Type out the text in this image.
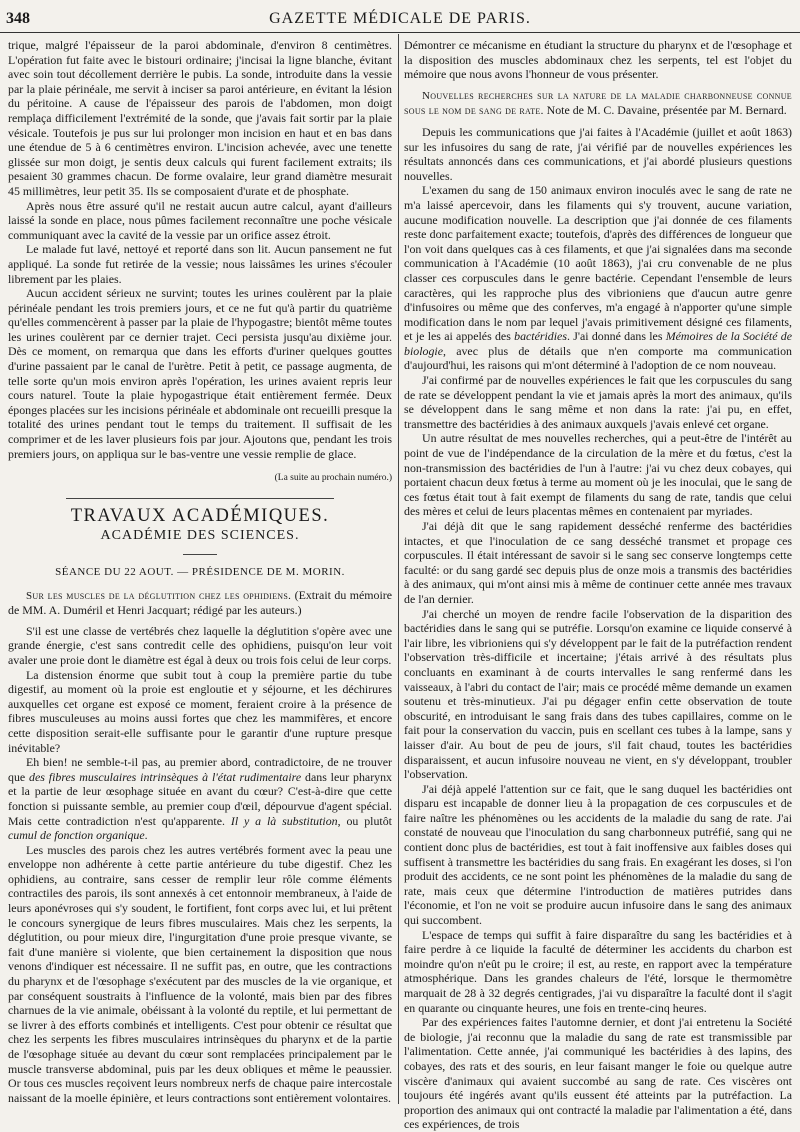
348	GAZETTE MÉDICALE DE PARIS.

trique, malgré l'épaisseur de la paroi abdominale, d'environ 8 centimètres. L'opération fut faite avec le bistouri ordinaire; j'incisai la ligne blanche, évitant avec soin tout décollement derrière le pubis. La sonde, introduite dans la vessie par la plaie périnéale, me servit à inciser sa paroi antérieure, en évitant la lésion du péritoine. A cause de l'épaisseur des parois de l'abdomen, mon doigt remplaça difficilement l'extrémité de la sonde, que j'avais fait sortir par la plaie vésicale. Toutefois je pus sur lui prolonger mon incision en haut et en bas dans une étendue de 5 à 6 centimètres environ. L'incision achevée, avec une tenette glissée sur mon doigt, je sentis deux calculs qui furent facilement extraits; ils pesaient 30 grammes chacun. De forme ovalaire, leur grand diamètre mesurait 45 millimètres, leur petit 35. Ils se composaient d'urate et de phosphate.

Après nous être assuré qu'il ne restait aucun autre calcul, ayant d'ailleurs laissé la sonde en place, nous pûmes facilement reconnaître une poche vésicale communiquant avec la cavité de la vessie par un orifice assez étroit.

Le malade fut lavé, nettoyé et reporté dans son lit. Aucun pansement ne fut appliqué. La sonde fut retirée de la vessie; nous laissâmes les urines s'écouler librement par les plaies.

Aucun accident sérieux ne survint; toutes les urines coulèrent par la plaie périnéale pendant les trois premiers jours, et ce ne fut qu'à partir du quatrième qu'elles commencèrent à passer par la plaie de l'hypogastre; bientôt même toutes les urines coulèrent par ce dernier trajet. Ceci persista jusqu'au dixième jour. Dès ce moment, on remarqua que dans les efforts d'uriner quelques gouttes d'urine passaient par le canal de l'urètre. Petit à petit, ce passage augmenta, de telle sorte qu'un mois environ après l'opération, les urines avaient repris leur cours naturel. Toute la plaie hypogastrique était entièrement fermée. Deux éponges placées sur les incisions périnéale et abdominale ont recueilli presque la totalité des urines pendant tout le temps du traitement. Il suffisait de les comprimer et de les laver plusieurs fois par jour. Ajoutons que, pendant les trois premiers jours, on appliqua sur le bas-ventre une vessie remplie de glace.

(La suite au prochain numéro.)
TRAVAUX ACADÉMIQUES.
ACADÉMIE DES SCIENCES.
SÉANCE DU 22 AOUT. — PRÉSIDENCE DE M. MORIN.

Sur les muscles de la déglutition chez les ophidiens. (Extrait du mémoire de MM. A. Duméril et Henri Jacquart; rédigé par les auteurs.)

S'il est une classe de vertébrés chez laquelle la déglutition s'opère avec une grande énergie, c'est sans contredit celle des ophidiens, puisqu'on leur voit avaler une proie dont le diamètre est égal à deux ou trois fois celui de leur corps.

La distension énorme que subit tout à coup la première partie du tube digestif, au moment où la proie est engloutie et y séjourne, et les déchirures auxquelles cet organe est exposé ce moment, feraient croire à la présence de fibres musculeuses au moins aussi fortes que chez les mammifères, et encore cette disposition serait-elle suffisante pour le garantir d'une rupture presque inévitable?

Eh bien! ne semble-t-il pas, au premier abord, contradictoire, de ne trouver que des fibres musculaires intrinsèques à l'état rudimentaire dans leur pharynx et la partie de leur œsophage située en avant du cœur? C'est-à-dire que cette fonction si puissante semble, au premier coup d'œil, dépourvue d'agent spécial. Mais cette contradiction n'est qu'apparente. Il y a là substitution, ou plutôt cumul de fonction organique.

Les muscles des parois chez les autres vertébrés forment avec la peau une enveloppe non adhérente à cette partie antérieure du tube digestif. Chez les ophidiens, au contraire, sans cesser de remplir leur rôle comme éléments contractiles des parois, ils sont annexés à cet entonnoir membraneux, à l'aide de leurs aponévroses qui s'y soudent, le fortifient, font corps avec lui, et lui prêtent le concours synergique de leurs fibres musculaires. Mais chez les serpents, la déglutition, ou pour mieux dire, l'ingurgitation d'une proie presque vivante, se fait d'une manière si violente, que bien certainement la disposition que nous venons d'indiquer est nécessaire. Il ne suffit pas, en outre, que les contractions du pharynx et de l'œsophage s'exécutent par des muscles de la vie organique, et par conséquent soustraits à l'influence de la volonté, mais bien par des fibres charnues de la vie animale, obéissant à la volonté du reptile, et lui permettant de se livrer à des efforts combinés et intelligents. C'est pour obtenir ce résultat que chez les serpents les fibres musculaires intrinsèques du pharynx et de la partie de l'œsophage située au devant du cœur sont remplacées principalement par le muscle transverse abdominal, puis par les deux obliques et même le peaussier. Or tous ces muscles reçoivent leurs nombreux nerfs de chaque paire intercostale naissant de la moelle épinière, et leurs contractions sont entièrement volontaires.

Démontrer ce mécanisme en étudiant la structure du pharynx et de l'œsophage et la disposition des muscles abdominaux chez les serpents, tel est l'objet du mémoire que nous avons l'honneur de vous présenter.

Nouvelles recherches sur la nature de la maladie charbonneuse connue sous le nom de sang de rate. Note de M. C. Davaine, présentée par M. Bernard.

Depuis les communications que j'ai faites à l'Académie (juillet et août 1863) sur les infusoires du sang de rate, j'ai vérifié par de nouvelles expériences les résultats annoncés dans ces communications, et j'ai abordé plusieurs questions nouvelles.

L'examen du sang de 150 animaux environ inoculés avec le sang de rate ne m'a laissé apercevoir, dans les filaments qui s'y trouvent, aucune variation, aucune modification nouvelle. La description que j'ai donnée de ces filaments reste donc parfaitement exacte; toutefois, d'après des différences de longueur que l'on voit dans quelques cas à ces filaments, et que j'ai signalées dans ma seconde communication à l'Académie (10 août 1863), j'ai cru convenable de ne plus classer ces corpuscules dans le genre bactérie. Cependant l'ensemble de leurs caractères, qui les rapproche plus des vibrioniens que d'aucun autre genre d'infusoires ou même que des conferves, m'a engagé à n'apporter qu'une simple modification dans le nom par lequel j'avais primitivement désigné ces filaments, et je les ai appelés des bactéridies. J'ai donné dans les Mémoires de la Société de biologie, avec plus de détails que n'en comporte ma communication d'aujourd'hui, les raisons qui m'ont déterminé à l'adoption de ce nom nouveau.

J'ai confirmé par de nouvelles expériences le fait que les corpuscules du sang de rate se développent pendant la vie et jamais après la mort des animaux, qu'ils se développent dans le sang même et non dans la rate: j'ai pu, en effet, transmettre des bactéridies à des animaux auxquels j'avais enlevé cet organe.

Un autre résultat de mes nouvelles recherches, qui a peut-être de l'intérêt au point de vue de l'indépendance de la circulation de la mère et du fœtus, c'est la non-transmission des bactéridies de l'un à l'autre: j'ai vu chez deux cobayes, qui portaient chacun deux fœtus à terme au moment où je les inoculai, que le sang de ces fœtus était tout à fait exempt de filaments du sang de rate, tandis que celui des mères et celui de leurs placentas mêmes en contenaient par myriades.

J'ai déjà dit que le sang rapidement desséché renferme des bactéridies intactes, et que l'inoculation de ce sang desséché transmet et propage ces corpuscules. Il était intéressant de savoir si le sang sec conserve longtemps cette faculté: or du sang gardé sec depuis plus de onze mois a transmis des bactéridies à des animaux, qui m'ont ainsi mis à même de continuer cette année mes travaux de l'an dernier.

J'ai cherché un moyen de rendre facile l'observation de la disparition des bactéridies dans le sang qui se putréfie. Lorsqu'on examine ce liquide conservé à l'air libre, les vibrioniens qui s'y développent par le fait de la putréfaction rendent l'observation très-difficile et incertaine; j'étais arrivé à des résultats plus concluants en examinant à de courts intervalles le sang renfermé dans les vaisseaux, à l'abri du contact de l'air; mais ce procédé même demande un examen soutenu et très-minutieux. J'ai pu dégager enfin cette observation de toute obscurité, en introduisant le sang frais dans des tubes capillaires, comme on le fait pour la conservation du vaccin, puis en scellant ces tubes à la lampe, sans y laisser d'air. Au bout de peu de jours, s'il fait chaud, toutes les bactéridies disparaissent, et aucun infusoire nouveau ne vient, en s'y développant, troubler l'observation.

J'ai déjà appelé l'attention sur ce fait, que le sang duquel les bactéridies ont disparu est incapable de donner lieu à la propagation de ces corpuscules et de faire naître les phénomènes ou les accidents de la maladie du sang de rate. J'ai constaté de nouveau que l'inoculation du sang charbonneux putréfié, sang qui ne contient donc plus de bactéridies, est tout à fait inoffensive aux faibles doses qui suffisent à transmettre les bactéridies du sang frais. En exagérant les doses, si l'on produit des accidents, ce ne sont point les phénomènes de la maladie du sang de rate, mais ceux que détermine l'introduction de matières putrides dans l'économie, et l'on ne voit se produire aucun infusoire dans le sang des animaux qui succombent.

L'espace de temps qui suffit à faire disparaître du sang les bactéridies et à faire perdre à ce liquide la faculté de déterminer les accidents du charbon est moindre qu'on n'eût pu le croire; il est, au reste, en rapport avec la température atmosphérique. Dans les grandes chaleurs de l'été, lorsque le thermomètre marquait de 28 à 32 degrés centigrades, j'ai vu disparaître la faculté dont il s'agit en quarante ou cinquante heures, une fois en trente-cinq heures.

Par des expériences faites l'automne dernier, et dont j'ai entretenu la Société de biologie, j'ai reconnu que la maladie du sang de rate est transmissible par l'alimentation. Cette année, j'ai communiqué les bactéridies à des lapins, des cobayes, des rats et des souris, en leur faisant manger le foie ou quelque autre viscère d'animaux qui avaient succombé au sang de rate. Ces viscères ont toujours été ingérés avant qu'ils eussent été atteints par la putréfaction. La proportion des animaux qui ont contracté la maladie par l'alimentation a été, dans ces expériences, de trois
